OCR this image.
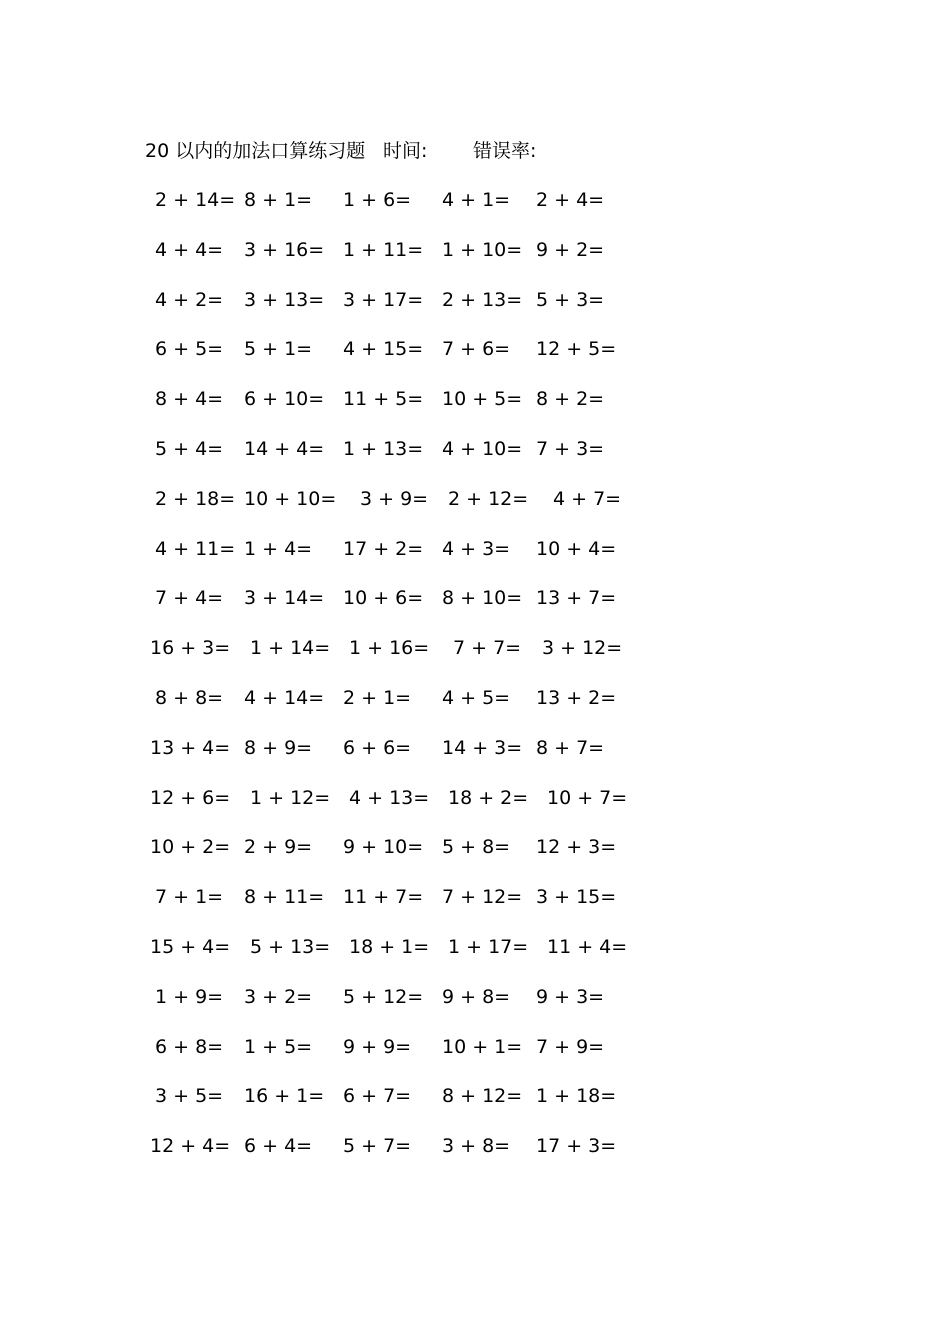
20 以内的加法口算练习题 时间: 错误率:
2 + 14= 8 + 1= 1 + 6= 4 + 1= 2 + 4=
4 + 4= 3 + 16= 1 + 11= 1 + 10= 9 + 2=
4 + 2= 3 + 13= 3 + 17= 2 + 13= 5 + 3=
6 + 5= 5 + 1= 4 + 15= 7 + 6= 12 + 5=
8 + 4= 6 + 10= 11 + 5= 10 + 5= 8 + 2=
5 + 4= 14 + 4= 1 + 13= 4 + 10= 7 + 3=
2 + 18= 10 + 10= 3 + 9= 2 + 12= 4 + 7=
4 + 11= 1 + 4= 17 + 2= 4 + 3= 10 + 4=
7 + 4= 3 + 14= 10 + 6= 8 + 10= 13 + 7=
16 + 3= 1 + 14= 1 + 16= 7 + 7= 3 + 12=
8 + 8= 4 + 14= 2 + 1= 4 + 5= 13 + 2=
13 + 4= 8 + 9= 6 + 6= 14 + 3= 8 + 7=
12 + 6= 1 + 12= 4 + 13= 18 + 2= 10 + 7=
10 + 2= 2 + 9= 9 + 10= 5 + 8= 12 + 3=
7 + 1= 8 + 11= 11 + 7= 7 + 12= 3 + 15=
15 + 4= 5 + 13= 18 + 1= 1 + 17= 11 + 4=
1 + 9= 3 + 2= 5 + 12= 9 + 8= 9 + 3=
6 + 8= 1 + 5= 9 + 9= 10 + 1= 7 + 9=
3 + 5= 16 + 1= 6 + 7= 8 + 12= 1 + 18=
12 + 4= 6 + 4= 5 + 7= 3 + 8= 17 + 3=
